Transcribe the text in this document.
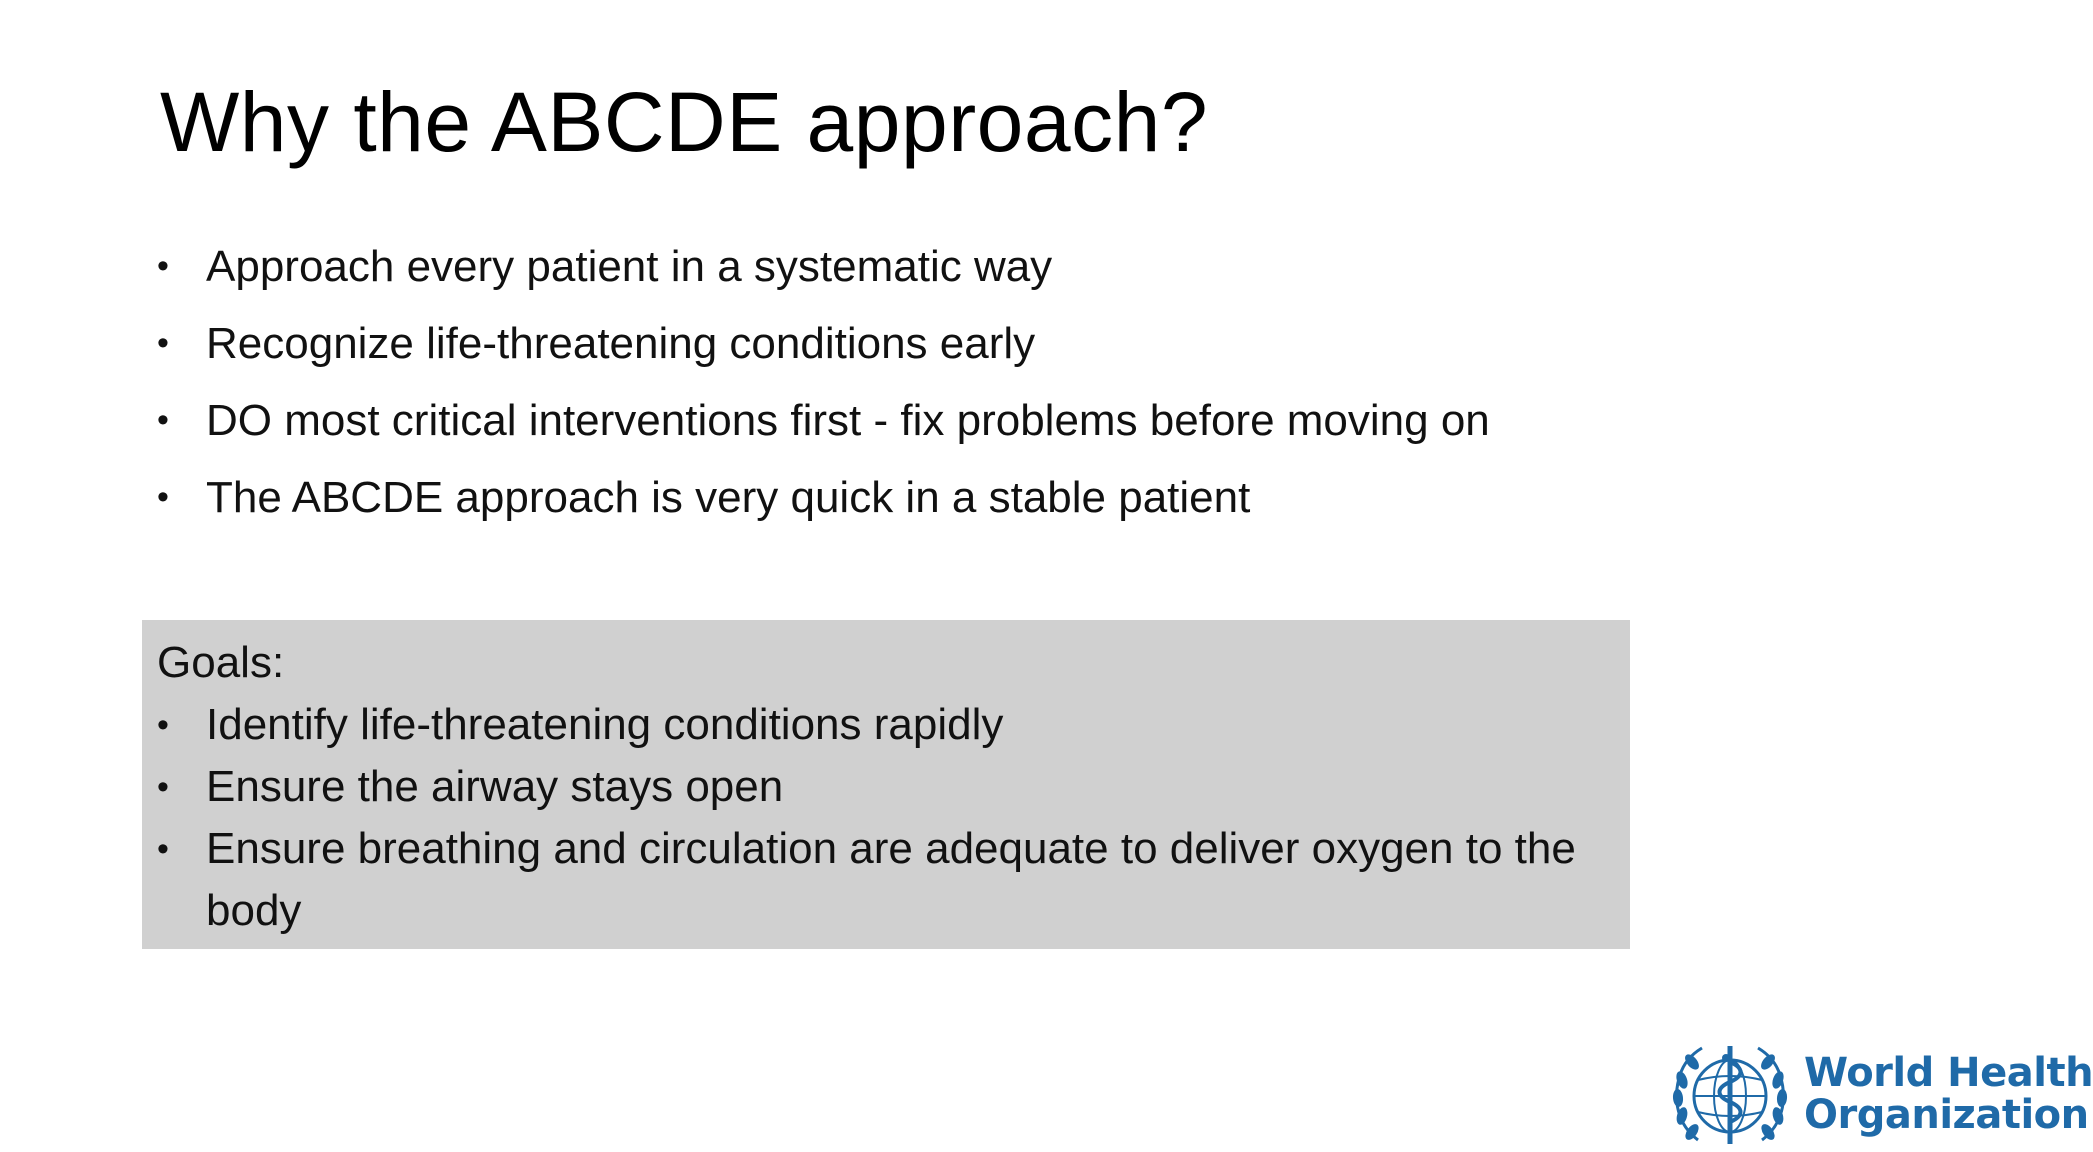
Why the ABCDE approach?
• Approach every patient in a systematic way
• Recognize life-threatening conditions early
• DO most critical interventions first - fix problems before moving on
• The ABCDE approach is very quick in a stable patient
Goals:
• Identify life-threatening conditions rapidly
• Ensure the airway stays open
• Ensure breathing and circulation are adequate to deliver oxygen to the body
World Health
Organization
